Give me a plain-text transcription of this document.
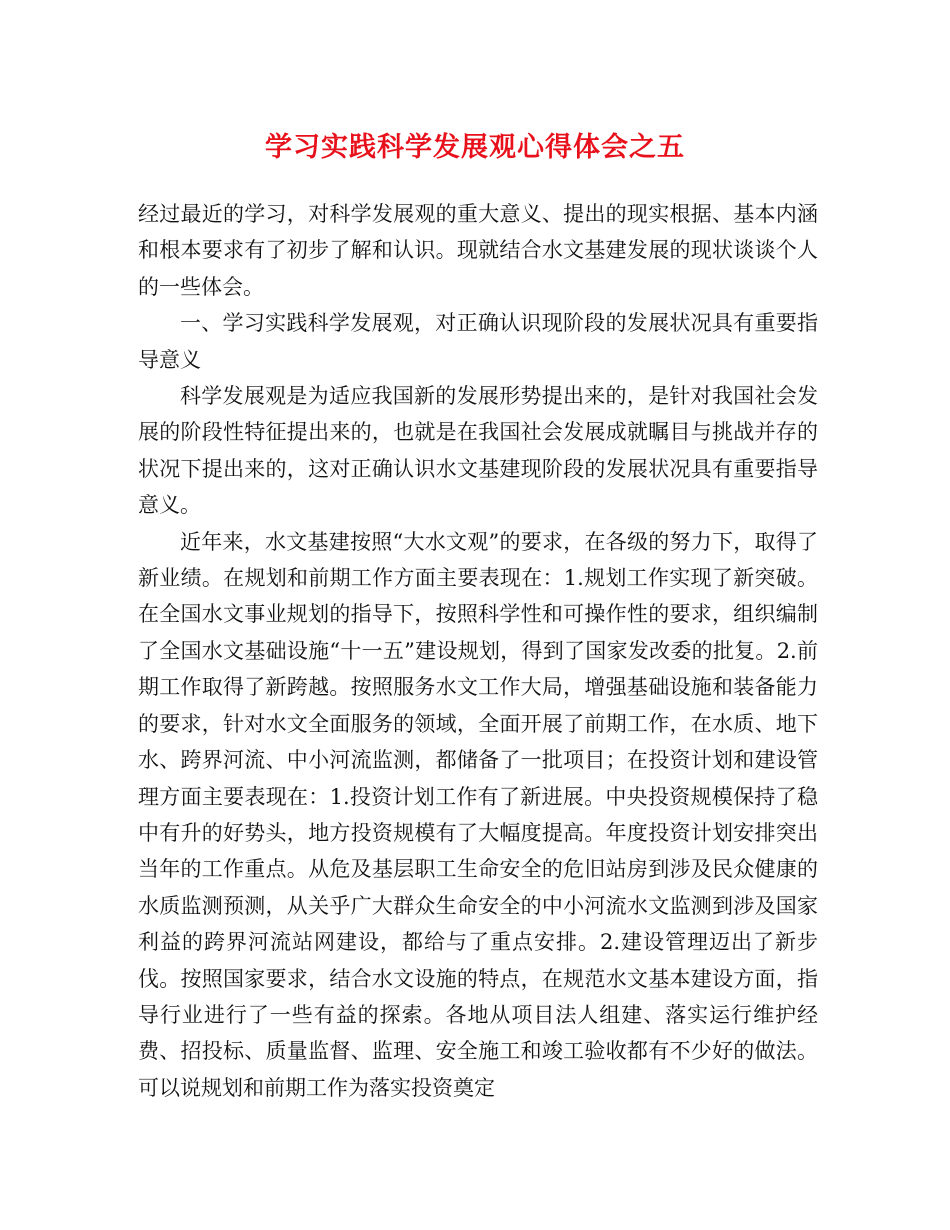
学习实践科学发展观心得体会之五

经过最近的学习，对科学发展观的重大意义、提出的现实根据、基本内涵和根本要求有了初步了解和认识。现就结合水文基建发展的现状谈谈个人的一些体会。

一、学习实践科学发展观，对正确认识现阶段的发展状况具有重要指导意义

科学发展观是为适应我国新的发展形势提出来的，是针对我国社会发展的阶段性特征提出来的，也就是在我国社会发展成就瞩目与挑战并存的状况下提出来的，这对正确认识水文基建现阶段的发展状况具有重要指导意义。

近年来，水文基建按照“大水文观”的要求，在各级的努力下，取得了新业绩。在规划和前期工作方面主要表现在：1.规划工作实现了新突破。在全国水文事业规划的指导下，按照科学性和可操作性的要求，组织编制了全国水文基础设施“十一五”建设规划，得到了国家发改委的批复。2.前期工作取得了新跨越。按照服务水文工作大局，增强基础设施和装备能力的要求，针对水文全面服务的领域，全面开展了前期工作，在水质、地下水、跨界河流、中小河流监测，都储备了一批项目；在投资计划和建设管理方面主要表现在：1.投资计划工作有了新进展。中央投资规模保持了稳中有升的好势头，地方投资规模有了大幅度提高。年度投资计划安排突出当年的工作重点。从危及基层职工生命安全的危旧站房到涉及民众健康的水质监测预测，从关乎广大群众生命安全的中小河流水文监测到涉及国家利益的跨界河流站网建设，都给与了重点安排。2.建设管理迈出了新步伐。按照国家要求，结合水文设施的特点，在规范水文基本建设方面，指导行业进行了一些有益的探索。各地从项目法人组建、落实运行维护经费、招投标、质量监督、监理、安全施工和竣工验收都有不少好的做法。可以说规划和前期工作为落实投资奠定
